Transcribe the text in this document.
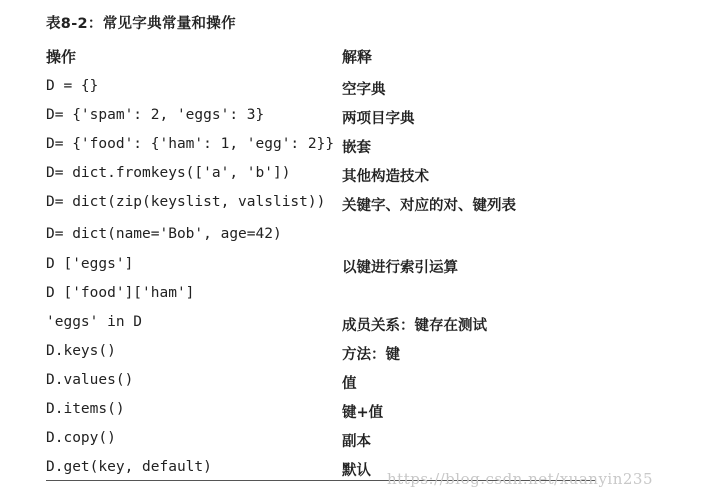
表8-2：常见字典常量和操作
操作	解释
D = {}	空字典
D= {'spam': 2, 'eggs': 3}	两项目字典
D= {'food': {'ham': 1, 'egg': 2}} 嵌套
D= dict.fromkeys(['a', 'b'])	其他构造技术
D= dict(zip(keyslist, valslist)) 关键字、对应的对、键列表
D= dict(name='Bob', age=42)
D ['eggs']	以键进行索引运算
D ['food']['ham']
'eggs' in D	成员关系：键存在测试
D.keys()	方法：键
D.values()	值
D.items()	键+值
D.copy()	副本
D.get(key, default)	默认 https://blog.csdn.net/xuanyin235
